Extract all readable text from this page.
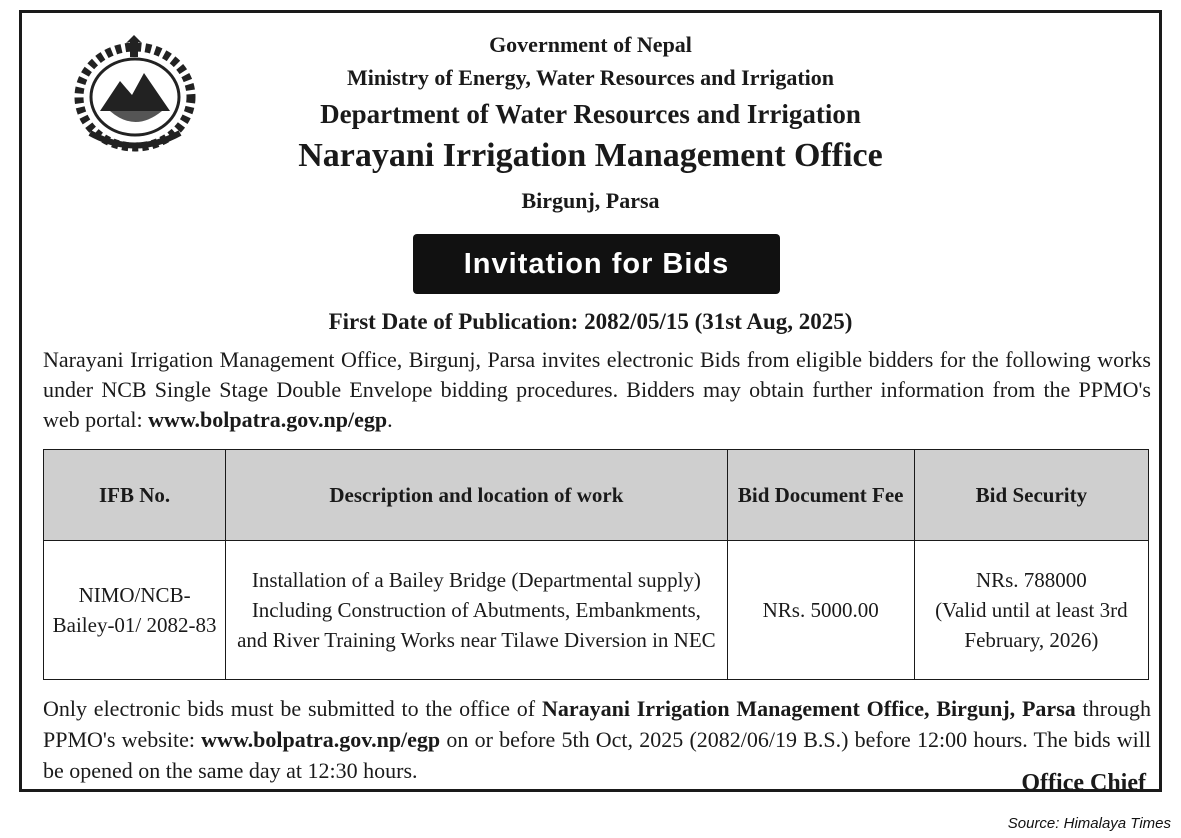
Government of Nepal
Ministry of Energy, Water Resources and Irrigation
Department of Water Resources and Irrigation
Narayani Irrigation Management Office
Birgunj, Parsa
Invitation for Bids
First Date of Publication: 2082/05/15 (31st Aug, 2025)
Narayani Irrigation Management Office, Birgunj, Parsa invites electronic Bids from eligible bidders for the following works under NCB Single Stage Double Envelope bidding procedures. Bidders may obtain further information from the PPMO's web portal: www.bolpatra.gov.np/egp.
IFB No.	Description and location of work	Bid Document Fee	Bid Security
NIMO/NCB-Bailey-01/ 2082-83	Installation of a Bailey Bridge (Departmental supply) Including Construction of Abutments, Embankments, and River Training Works near Tilawe Diversion in NEC	NRs. 5000.00	NRs. 788000
(Valid until at least 3rd February, 2026)
Only electronic bids must be submitted to the office of Narayani Irrigation Management Office, Birgunj, Parsa through PPMO's website: www.bolpatra.gov.np/egp on or before 5th Oct, 2025 (2082/06/19 B.S.) before 12:00 hours. The bids will be opened on the same day at 12:30 hours.	Office Chief
Source: Himalaya Times
